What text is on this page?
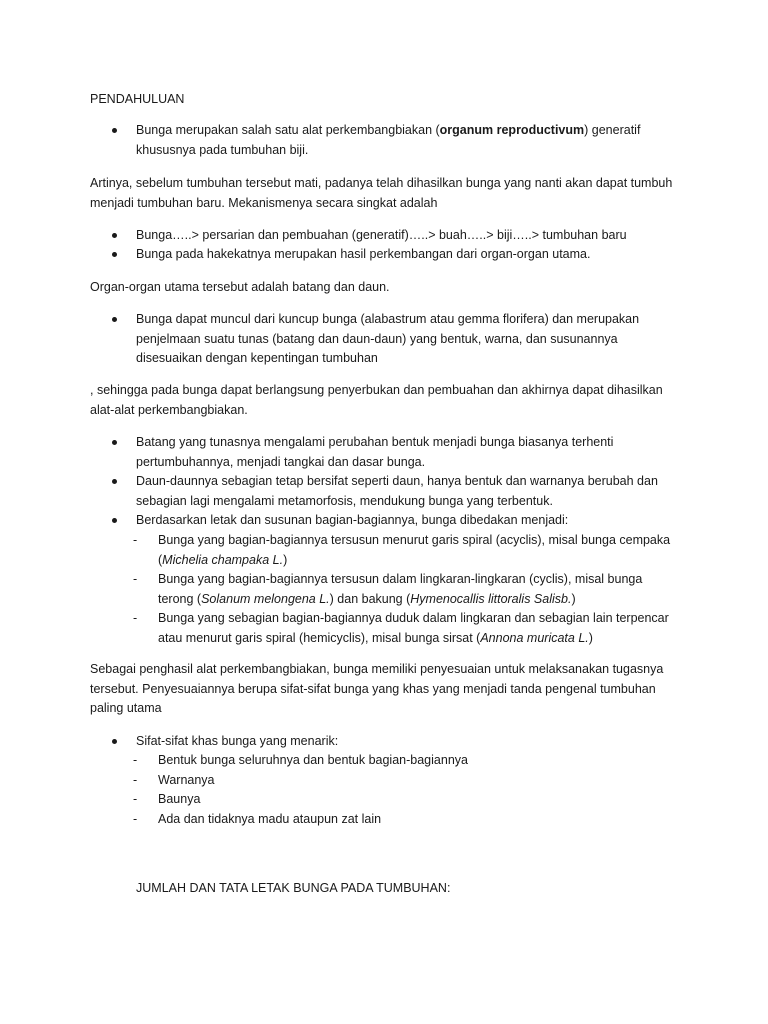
PENDAHULUAN

Bunga merupakan salah satu alat perkembangbiakan (organum reproductivum) generatif khususnya pada tumbuhan biji.

Artinya, sebelum tumbuhan tersebut mati, padanya telah dihasilkan bunga yang nanti akan dapat tumbuh menjadi tumbuhan baru. Mekanismenya secara singkat adalah

Bunga…..> persarian dan pembuahan (generatif)…..> buah…..> biji…..> tumbuhan baru

Bunga pada hakekatnya merupakan hasil perkembangan dari organ-organ utama.

Organ-organ utama tersebut adalah batang dan daun.

Bunga dapat muncul dari kuncup bunga (alabastrum atau gemma florifera) dan merupakan penjelmaan suatu tunas (batang dan daun-daun) yang bentuk, warna, dan susunannya disesuaikan dengan kepentingan tumbuhan

, sehingga pada bunga dapat berlangsung penyerbukan dan pembuahan dan akhirnya dapat dihasilkan alat-alat perkembangbiakan.

Batang yang tunasnya mengalami perubahan bentuk menjadi bunga biasanya terhenti pertumbuhannya, menjadi tangkai dan dasar bunga.

Daun-daunnya sebagian tetap bersifat seperti daun, hanya bentuk dan warnanya berubah dan sebagian lagi mengalami metamorfosis, mendukung bunga yang terbentuk.

Berdasarkan letak dan susunan bagian-bagiannya, bunga dibedakan menjadi:

- Bunga yang bagian-bagiannya tersusun menurut garis spiral (acyclis), misal bunga cempaka (Michelia champaka L.)

- Bunga yang bagian-bagiannya tersusun dalam lingkaran-lingkaran (cyclis), misal bunga terong (Solanum melongena L.) dan bakung (Hymenocallis littoralis Salisb.)

- Bunga yang sebagian bagian-bagiannya duduk dalam lingkaran dan sebagian lain terpencar atau menurut garis spiral (hemicyclis), misal bunga sirsat (Annona muricata L.)

Sebagai penghasil alat perkembangbiakan, bunga memiliki penyesuaian untuk melaksanakan tugasnya tersebut. Penyesuaiannya berupa sifat-sifat bunga yang khas yang menjadi tanda pengenal tumbuhan paling utama

Sifat-sifat khas bunga yang menarik:

- Bentuk bunga seluruhnya dan bentuk bagian-bagiannya

- Warnanya

- Baunya

- Ada dan tidaknya madu ataupun zat lain

JUMLAH DAN TATA LETAK BUNGA PADA TUMBUHAN:
